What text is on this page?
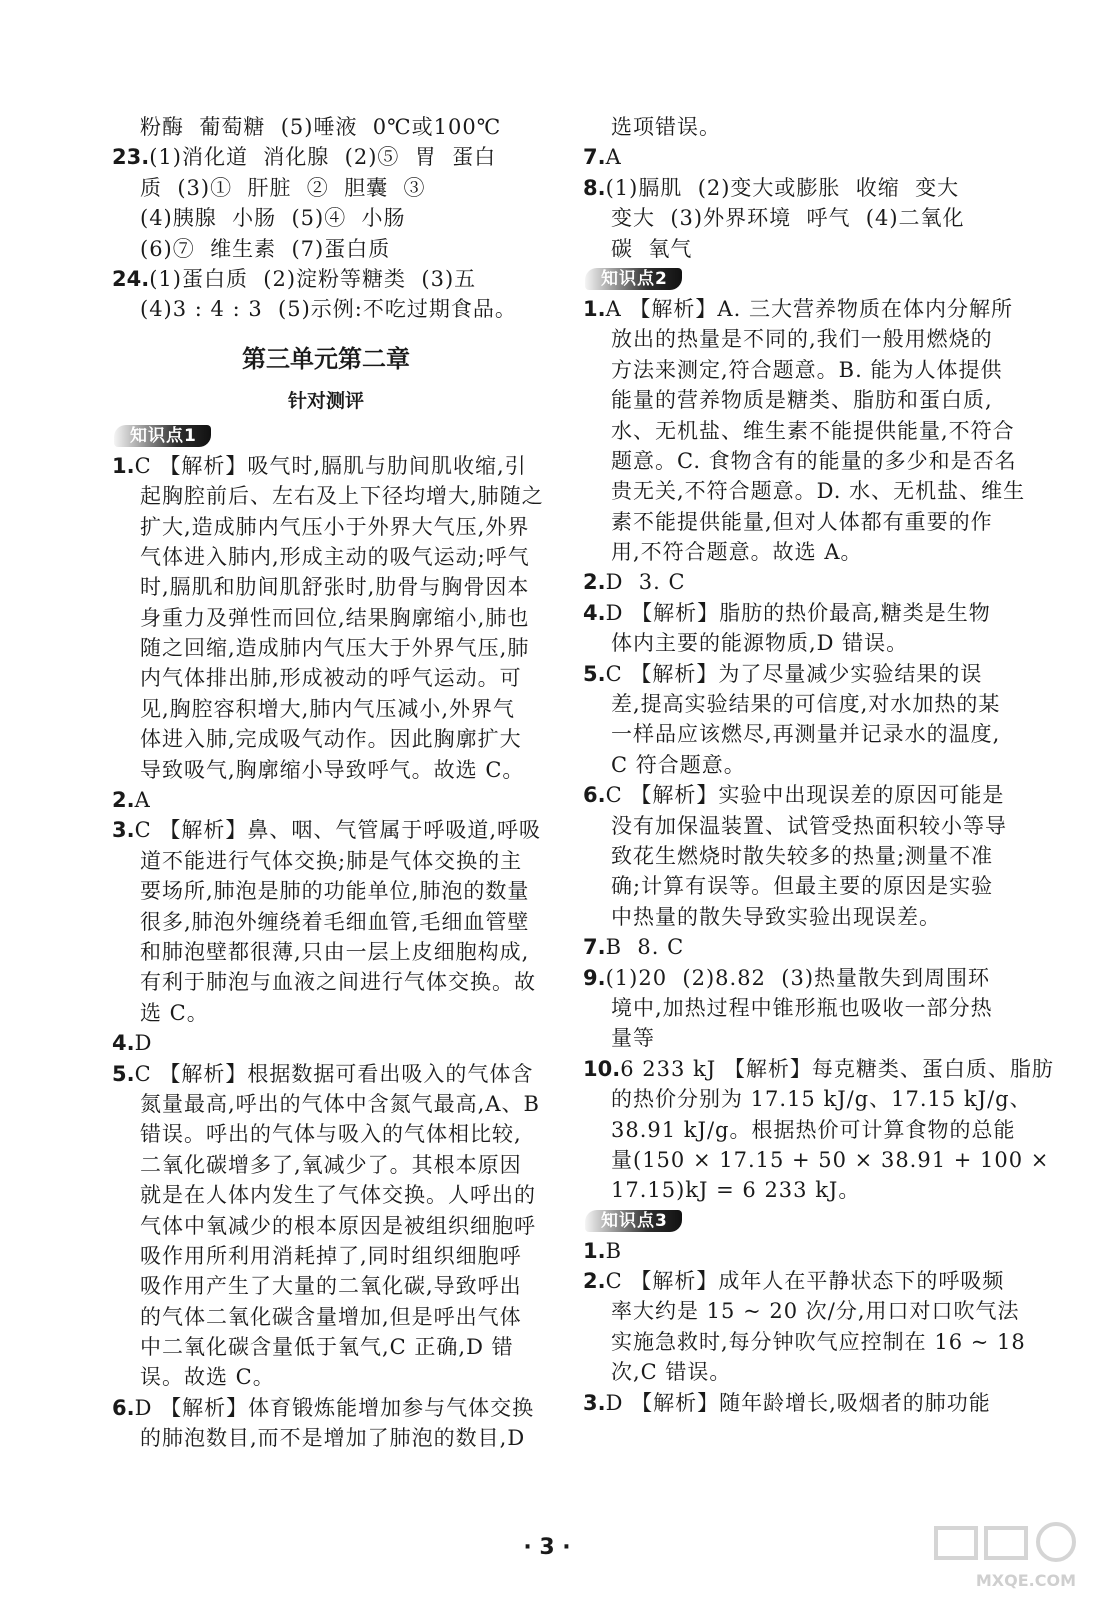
粉酶  葡萄糖  (5)唾液  0℃或100℃
23.(1)消化道  消化腺  (2)⑤  胃  蛋白
质  (3)①  肝脏  ②  胆囊  ③
(4)胰腺  小肠  (5)④  小肠
(6)⑦  维生素  (7)蛋白质
24.(1)蛋白质  (2)淀粉等糖类  (3)五
(4)3 : 4 : 3  (5)示例:不吃过期食品。
第三单元第二章
针对测评
知识点1
1.C 【解析】吸气时,膈肌与肋间肌收缩,引
起胸腔前后、左右及上下径均增大,肺随之
扩大,造成肺内气压小于外界大气压,外界
气体进入肺内,形成主动的吸气运动;呼气
时,膈肌和肋间肌舒张时,肋骨与胸骨因本
身重力及弹性而回位,结果胸廓缩小,肺也
随之回缩,造成肺内气压大于外界气压,肺
内气体排出肺,形成被动的呼气运动。可
见,胸腔容积增大,肺内气压减小,外界气
体进入肺,完成吸气动作。因此胸廓扩大
导致吸气,胸廓缩小导致呼气。故选 C。
2.A
3.C 【解析】鼻、咽、气管属于呼吸道,呼吸
道不能进行气体交换;肺是气体交换的主
要场所,肺泡是肺的功能单位,肺泡的数量
很多,肺泡外缠绕着毛细血管,毛细血管壁
和肺泡壁都很薄,只由一层上皮细胞构成,
有利于肺泡与血液之间进行气体交换。故
选 C。
4.D
5.C 【解析】根据数据可看出吸入的气体含
氮量最高,呼出的气体中含氮气最高,A、B
错误。呼出的气体与吸入的气体相比较,
二氧化碳增多了,氧减少了。其根本原因
就是在人体内发生了气体交换。人呼出的
气体中氧减少的根本原因是被组织细胞呼
吸作用所利用消耗掉了,同时组织细胞呼
吸作用产生了大量的二氧化碳,导致呼出
的气体二氧化碳含量增加,但是呼出气体
中二氧化碳含量低于氧气,C 正确,D 错
误。故选 C。
6.D 【解析】体育锻炼能增加参与气体交换
的肺泡数目,而不是增加了肺泡的数目,D
选项错误。
7.A
8.(1)膈肌  (2)变大或膨胀  收缩  变大
变大  (3)外界环境  呼气  (4)二氧化
碳  氧气
知识点2
1.A 【解析】A. 三大营养物质在体内分解所
放出的热量是不同的,我们一般用燃烧的
方法来测定,符合题意。B. 能为人体提供
能量的营养物质是糖类、脂肪和蛋白质,
水、无机盐、维生素不能提供能量,不符合
题意。C. 食物含有的能量的多少和是否名
贵无关,不符合题意。D. 水、无机盐、维生
素不能提供能量,但对人体都有重要的作
用,不符合题意。故选 A。
2.D  3. C
4.D 【解析】脂肪的热价最高,糖类是生物
体内主要的能源物质,D 错误。
5.C 【解析】为了尽量减少实验结果的误
差,提高实验结果的可信度,对水加热的某
一样品应该燃尽,再测量并记录水的温度,
C 符合题意。
6.C 【解析】实验中出现误差的原因可能是
没有加保温装置、试管受热面积较小等导
致花生燃烧时散失较多的热量;测量不准
确;计算有误等。但最主要的原因是实验
中热量的散失导致实验出现误差。
7.B  8. C
9.(1)20  (2)8.82  (3)热量散失到周围环
境中,加热过程中锥形瓶也吸收一部分热
量等
10.6 233 kJ 【解析】每克糖类、蛋白质、脂肪
的热价分别为 17.15 kJ/g、17.15 kJ/g、
38.91 kJ/g。根据热价可计算食物的总能
量(150 × 17.15 + 50 × 38.91 + 100 ×
17.15)kJ = 6 233 kJ。
知识点3
1.B
2.C 【解析】成年人在平静状态下的呼吸频
率大约是 15 ~ 20 次/分,用口对口吹气法
实施急救时,每分钟吹气应控制在 16 ~ 18
次,C 错误。
3.D 【解析】随年龄增长,吸烟者的肺功能
· 3 ·
MXQE.COM
